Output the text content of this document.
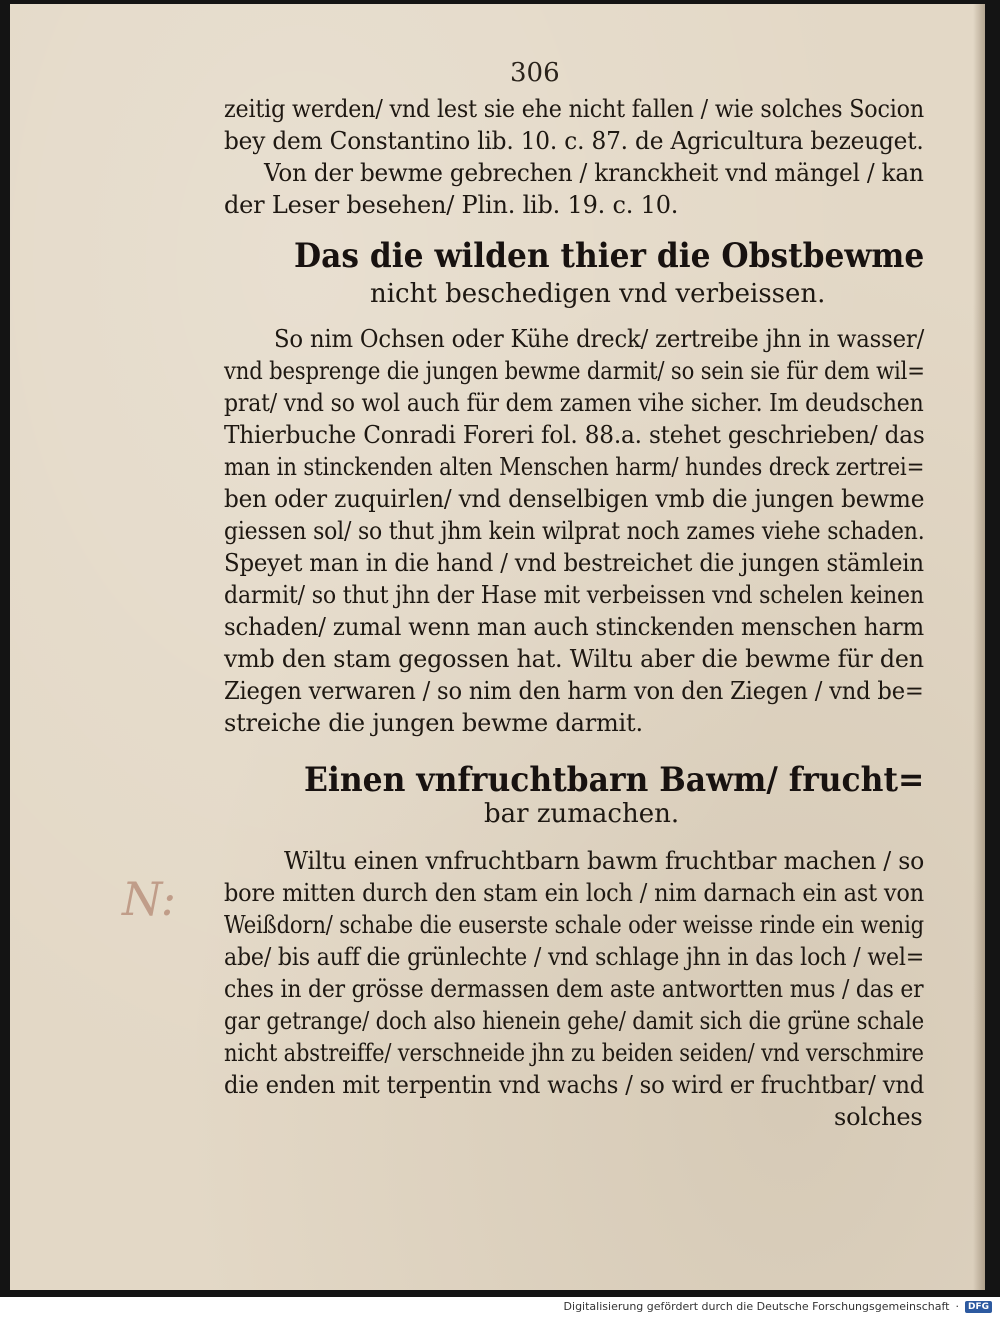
306
zeitig werden/ vnd lest sie ehe nicht fallen / wie solches Socion
bey dem Constantino lib. 10. c. 87. de Agricultura bezeuget.
Von der bewme gebrechen / kranckheit vnd mängel / kan
der Leser besehen/ Plin. lib. 19. c. 10.
Das die wilden thier die Obstbewme
nicht beschedigen vnd verbeissen.
So nim Ochsen oder Kühe dreck/ zertreibe jhn in wasser/
vnd besprenge die jungen bewme darmit/ so sein sie für dem wil=
prat/ vnd so wol auch für dem zamen vihe sicher. Im deudschen
Thierbuche Conradi Foreri fol. 88.a. stehet geschrieben/ das
man in stinckenden alten Menschen harm/ hundes dreck zertrei=
ben oder zuquirlen/ vnd denselbigen vmb die jungen bewme
giessen sol/ so thut jhm kein wilprat noch zames viehe schaden.
Speyet man in die hand / vnd bestreichet die jungen stämlein
darmit/ so thut jhn der Hase mit verbeissen vnd schelen keinen
schaden/ zumal wenn man auch stinckenden menschen harm
vmb den stam gegossen hat. Wiltu aber die bewme für den
Ziegen verwaren / so nim den harm von den Ziegen / vnd be=
streiche die jungen bewme darmit.
Einen vnfruchtbarn Bawm/ frucht=
bar zumachen.
Wiltu einen vnfruchtbarn bawm fruchtbar machen / so
bore mitten durch den stam ein loch / nim darnach ein ast von
Weißdorn/ schabe die euserste schale oder weisse rinde ein wenig
abe/ bis auff die grünlechte / vnd schlage jhn in das loch / wel=
ches in der grösse dermassen dem aste antwortten mus / das er
gar getrange/ doch also hienein gehe/ damit sich die grüne schale
nicht abstreiffe/ verschneide jhn zu beiden seiden/ vnd verschmire
die enden mit terpentin vnd wachs / so wird er fruchtbar/ vnd
solches
N:
Digitalisierung gefördert durch die Deutsche Forschungsgemeinschaft ·	DFG
